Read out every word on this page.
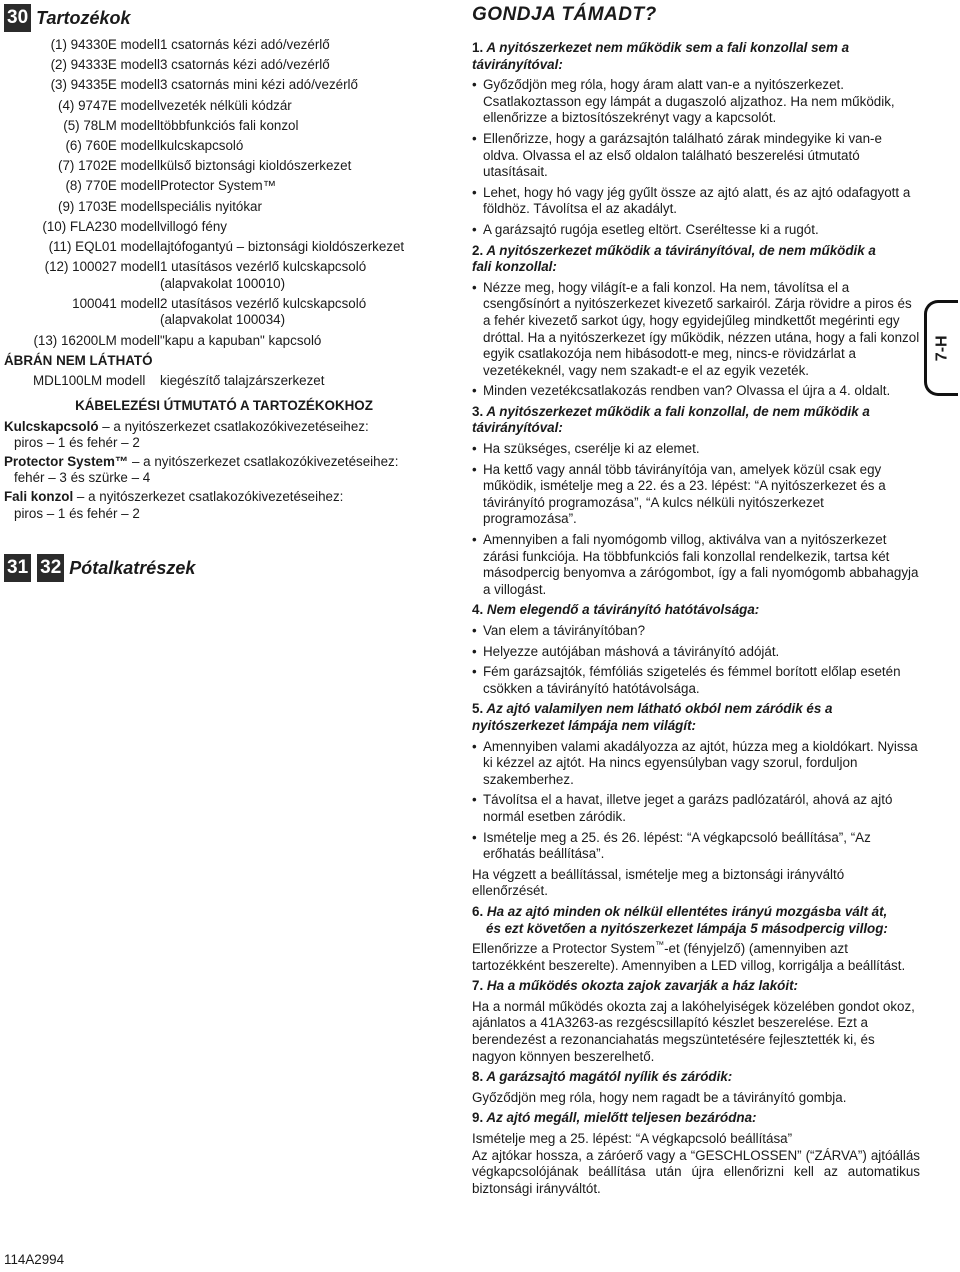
30 Tartozékok
(1) 94330E modell 1 csatornás kézi adó/vezérlő
(2) 94333E modell 3 csatornás kézi adó/vezérlő
(3) 94335E modell 3 csatornás mini kézi adó/vezérlő
(4) 9747E modell vezeték nélküli kódzár
(5) 78LM modell többfunkciós fali konzol
(6) 760E modell kulcskapcsoló
(7) 1702E modell külső biztonsági kioldószerkezet
(8) 770E modell Protector System™
(9) 1703E modell speciális nyitókar
(10) FLA230 modell villogó fény
(11) EQL01 modell ajtófogantyú – biztonsági kioldószerkezet
(12) 100027 modell 1 utasításos vezérlő kulcskapcsoló
(alapvakolat 100010)
100041 modell 2 utasításos vezérlő kulcskapcsoló
(alapvakolat 100034)
(13) 16200LM modell "kapu a kapuban" kapcsoló
ÁBRÁN NEM LÁTHATÓ
MDL100LM modell	kiegészítő talajzárszerkezet
KÁBELEZÉSI ÚTMUTATÓ A TARTOZÉKOKHOZ
Kulcskapcsoló – a nyitószerkezet csatlakozókivezetéseihez:
piros – 1 és fehér – 2
Protector System™ – a nyitószerkezet csatlakozókivezetéseihez:
fehér – 3 és szürke – 4
Fali konzol – a nyitószerkezet csatlakozókivezetéseihez:
piros – 1 és fehér – 2
31 32 Pótalkatrészek
114A2994
GONDJA TÁMADT?
1. A nyitószerkezet nem működik sem a fali konzollal sem a
távirányítóval:
• Győződjön meg róla, hogy áram alatt van-e a nyitószerkezet. Csatlakoztasson egy lámpát a dugaszoló aljzathoz. Ha nem működik, ellenőrizze a biztosítószekrényt vagy a kapcsolót.
• Ellenőrizze, hogy a garázsajtón található zárak mindegyike ki van-e oldva. Olvassa el az első oldalon található beszerelési útmutató utasításait.
• Lehet, hogy hó vagy jég gyűlt össze az ajtó alatt, és az ajtó odafagyott a földhöz. Távolítsa el az akadályt.
• A garázsajtó rugója esetleg eltört. Cseréltesse ki a rugót.
2. A nyitószerkezet működik a távirányítóval, de nem működik a
fali konzollal:
• Nézze meg, hogy világít-e a fali konzol. Ha nem, távolítsa el a csengősínórt a nyitószerkezet kivezető sarkairól. Zárja rövidre a piros és a fehér kivezető sarkot úgy, hogy egyidejűleg mindkettőt megérinti egy dróttal. Ha a nyitószerkezet így működik, nézzen utána, hogy a fali konzol egyik csatlakozója nem hibásodott-e meg, nincs-e rövidzárlat a vezetékeknél, vagy nem szakadt-e el az egyik vezeték.
• Minden vezetékcsatlakozás rendben van? Olvassa el újra a 4. oldalt.
3. A nyitószerkezet működik a fali konzollal, de nem működik a
távirányítóval:
• Ha szükséges, cserélje ki az elemet.
• Ha kettő vagy annál több távirányítója van, amelyek közül csak egy működik, ismételje meg a 22. és a 23. lépést: “A nyitószerkezet és a távirányító programozása”, “A kulcs nélküli nyitószerkezet programozása”.
• Amennyiben a fali nyomógomb villog, aktiválva van a nyitószerkezet zárási funkciója. Ha többfunkciós fali konzollal rendelkezik, tartsa két másodpercig benyomva a zárógombot, így a fali nyomógomb abbahagyja a villogást.
4. Nem elegendő a távirányító hatótávolsága:
• Van elem a távirányítóban?
• Helyezze autójában máshová a távirányító adóját.
• Fém garázsajtók, fémfóliás szigetelés és fémmel borított előlap esetén csökken a távirányító hatótávolsága.
5. Az ajtó valamilyen nem látható okból nem záródik és a
nyitószerkezet lámpája nem világít:
• Amennyiben valami akadályozza az ajtót, húzza meg a kioldókart. Nyissa ki kézzel az ajtót. Ha nincs egyensúlyban vagy szorul, forduljon szakemberhez.
• Távolítsa el a havat, illetve jeget a garázs padlózatáról, ahová az ajtó normál esetben záródik.
• Ismételje meg a 25. és 26. lépést: “A végkapcsoló beállítása”, “Az erőhatás beállítása”.
Ha végzett a beállítással, ismételje meg a biztonsági irányváltó ellenőrzését.
6. Ha az ajtó minden ok nélkül ellentétes irányú mozgásba vált át,
és ezt követően a nyitószerkezet lámpája 5 másodpercig villog:
Ellenőrizze a Protector System™-et (fényjelző) (amennyiben azt tartozékként beszerelte). Amennyiben a LED villog, korrigálja a beállítást.
7. Ha a működés okozta zajok zavarják a ház lakóit:
Ha a normál működés okozta zaj a lakóhelyiségek közelében gondot okoz, ajánlatos a 41A3263-as rezgéscsillapító készlet beszerelése. Ezt a berendezést a rezonanciahatás megszüntetésére fejlesztették ki, és nagyon könnyen beszerelhető.
8. A garázsajtó magától nyílik és záródik:
Győződjön meg róla, hogy nem ragadt be a távirányító gombja.
9. Az ajtó megáll, mielőtt teljesen bezáródna:
Ismételje meg a 25. lépést: “A végkapcsoló beállítása”
Az ajtókar hossza, a záróerő vagy a “GESCHLOSSEN” (“ZÁRVA”) ajtóállás végkapcsolójának beállítása után újra ellenőrizni kell az automatikus biztonsági irányváltót.
7-H
